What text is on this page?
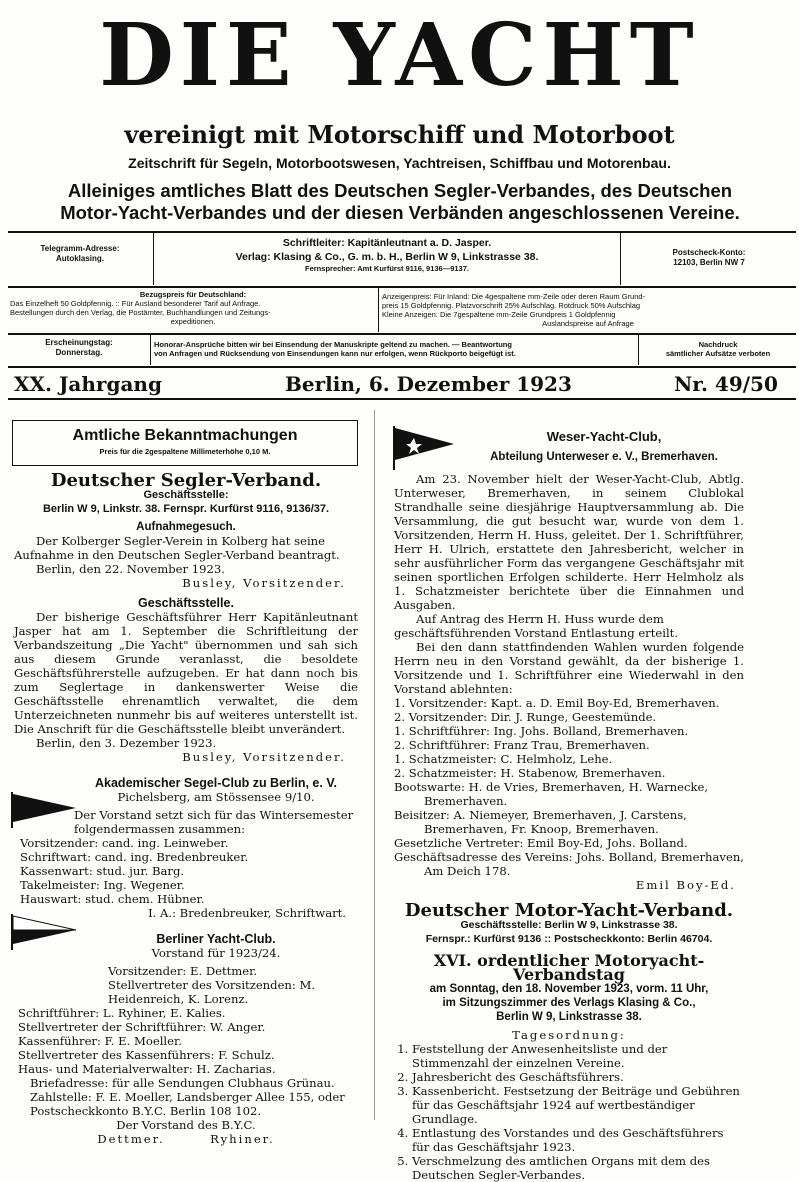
DIE YACHT
vereinigt mit Motorschiff und Motorboot
Zeitschrift für Segeln, Motorbootswesen, Yachtreisen, Schiffbau und Motorenbau.
Alleiniges amtliches Blatt des Deutschen Segler-Verbandes, des Deutschen
Motor-Yacht-Verbandes und der diesen Verbänden angeschlossenen Vereine.
Telegramm-Adresse:
Autoklasing.
Schriftleiter: Kapitänleutnant a. D. Jasper.
Verlag: Klasing & Co., G. m. b. H., Berlin W 9, Linkstrasse 38.
Fernsprecher: Amt Kurfürst 9116, 9136—9137.
Postscheck-Konto:
12103, Berlin NW 7
Bezugspreis für Deutschland:
Das Einzelheft 50 Goldpfennig. :: Für Ausland besonderer Tarif auf Anfrage.
Bestellungen durch den Verlag, die Postämter, Buchhandlungen und Zeitungs-
expeditionen.
Anzeigenpreis: Für Inland: Die 4gespaltene mm-Zeile oder deren Raum Grund-
preis 15 Goldpfennig. Platzvorschrift 25% Aufschlag. Rotdruck 50% Aufschlag
Kleine Anzeigen: Die 7gespaltene mm-Zeile Grundpreis 1 Goldpfennig
Auslandspreise auf Anfrage
Erscheinungstag:
Donnerstag.
Honorar-Ansprüche bitten wir bei Einsendung der Manuskripte geltend zu machen. — Beantwortung
von Anfragen und Rücksendung von Einsendungen kann nur erfolgen, wenn Rückporto beigefügt ist.
Nachdruck
sämtlicher Aufsätze verboten
XX. Jahrgang	Berlin, 6. Dezember 1923	Nr. 49/50
Amtliche Bekanntmachungen
Preis für die 2gespaltene Millimeterhöhe 0,10 M.
Deutscher Segler-Verband.
Geschäftsstelle:
Berlin W 9, Linkstr. 38. Fernspr. Kurfürst 9116, 9136/37.
Aufnahmegesuch.

Der Kolberger Segler-Verein in Kolberg hat seine Aufnahme in den Deutschen Segler-Verband beantragt.

Berlin, den 22. November 1923.

Busley, Vorsitzender.

Geschäftsstelle.

Der bisherige Geschäftsführer Herr Kapitänleutnant Jasper hat am 1. September die Schriftleitung der Verbandszeitung „Die Yacht" übernommen und sah sich aus diesem Grunde veranlasst, die besoldete Geschäftsführerstelle aufzugeben. Er hat dann noch bis zum Seglertage in dankenswerter Weise die Geschäftsstelle ehrenamtlich verwaltet, die dem Unterzeichneten nunmehr bis auf weiteres unterstellt ist. Die Anschrift für die Geschäftsstelle bleibt unverändert.

Berlin, den 3. Dezember 1923.

Busley, Vorsitzender.

Akademischer Segel-Club zu Berlin, e. V.
Pichelsberg, am Stössensee 9/10.

Der Vorstand setzt sich für das Wintersemester folgendermassen zusammen:

Vorsitzender: cand. ing. Leinweber.
Schriftwart: cand. ing. Bredenbreuker.
Kassenwart: stud. jur. Barg.
Takelmeister: Ing. Wegener.
Hauswart: stud. chem. Hübner.

I. A.: Bredenbreuker, Schriftwart.

Berliner Yacht-Club.
Vorstand für 1923/24.
Vorsitzender: E. Dettmer.
Stellvertreter des Vorsitzenden: M. Heidenreich, K. Lorenz.
Schriftführer: L. Ryhiner, E. Kalies.
Stellvertreter der Schriftführer: W. Anger.
Kassenführer: F. E. Moeller.
Stellvertreter des Kassenführers: F. Schulz.
Haus- und Materialverwalter: H. Zacharias.
Briefadresse: für alle Sendungen Clubhaus Grünau.
Zahlstelle: F. E. Moeller, Landsberger Allee 155, oder Postscheckkonto B.Y.C. Berlin 108 102.
Der Vorstand des B.Y.C.
Dettmer.        Ryhiner.
Weser-Yacht-Club,
Abteilung Unterweser e. V., Bremerhaven.

Am 23. November hielt der Weser-Yacht-Club, Abtlg. Unterweser, Bremerhaven, in seinem Clublokal Strandhalle seine diesjährige Hauptversammlung ab. Die Versammlung, die gut besucht war, wurde von dem 1. Vorsitzenden, Herrn H. Huss, geleitet. Der 1. Schriftführer, Herr H. Ulrich, erstattete den Jahresbericht, welcher in sehr ausführlicher Form das vergangene Geschäftsjahr mit seinen sportlichen Erfolgen schilderte. Herr Helmholz als 1. Schatzmeister berichtete über die Einnahmen und Ausgaben.

Auf Antrag des Herrn H. Huss wurde dem geschäftsführenden Vorstand Entlastung erteilt.

Bei den dann stattfindenden Wahlen wurden folgende Herrn neu in den Vorstand gewählt, da der bisherige 1. Vorsitzende und 1. Schriftführer eine Wiederwahl in den Vorstand ablehnten:

1. Vorsitzender: Kapt. a. D. Emil Boy-Ed, Bremerhaven.
2. Vorsitzender: Dir. J. Runge, Geestemünde.
1. Schriftführer: Ing. Johs. Bolland, Bremerhaven.
2. Schriftführer: Franz Trau, Bremerhaven.
1. Schatzmeister: C. Helmholz, Lehe.
2. Schatzmeister: H. Stabenow, Bremerhaven.
Bootswarte: H. de Vries, Bremerhaven, H. Warnecke, Bremerhaven.
Beisitzer: A. Niemeyer, Bremerhaven, J. Carstens, Bremerhaven, Fr. Knoop, Bremerhaven.
Gesetzliche Vertreter: Emil Boy-Ed, Johs. Bolland.
Geschäftsadresse des Vereins: Johs. Bolland, Bremerhaven, Am Deich 178.

Emil Boy-Ed.

Deutscher Motor-Yacht-Verband.
Geschäftsstelle: Berlin W 9, Linkstrasse 38.
Fernspr.: Kurfürst 9136 :: Postscheckkonto: Berlin 46704.
XVI. ordentlicher Motoryacht-Verbandstag
am Sonntag, den 18. November 1923, vorm. 11 Uhr,
im Sitzungszimmer des Verlags Klasing & Co.,
Berlin W 9, Linkstrasse 38.
Tagesordnung:
1. Feststellung der Anwesenheitsliste und der Stimmenzahl der einzelnen Vereine.
2. Jahresbericht des Geschäftsführers.
3. Kassenbericht. Festsetzung der Beiträge und Gebühren für das Geschäftsjahr 1924 auf wertbeständiger Grundlage.
4. Entlastung des Vorstandes und des Geschäftsführers für das Geschäftsjahr 1923.
5. Verschmelzung des amtlichen Organs mit dem des Deutschen Segler-Verbandes.
